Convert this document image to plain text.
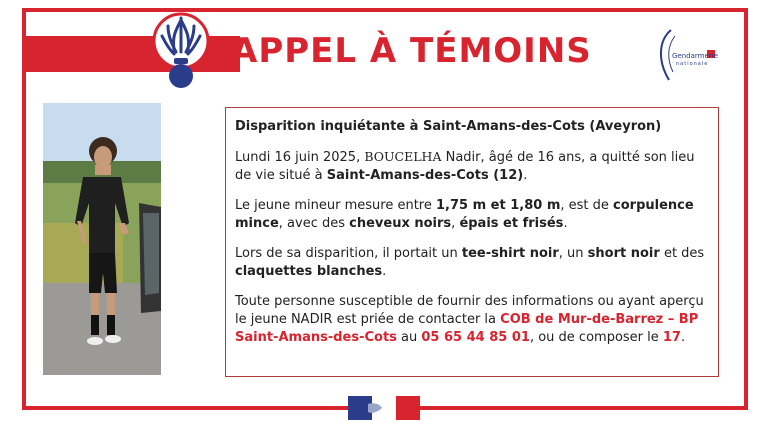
APPEL À TÉMOINS	Gendarmerie
nationale

Disparition inquiétante à Saint-Amans-des-Cots (Aveyron)

Lundi 16 juin 2025, BOUCELHA Nadir, âgé de 16 ans, a quitté son lieu de vie situé à Saint-Amans-des-Cots (12).

Le jeune mineur mesure entre 1,75 m et 1,80 m, est de corpulence mince, avec des cheveux noirs, épais et frisés.

Lors de sa disparition, il portait un tee-shirt noir, un short noir et des claquettes blanches.

Toute personne susceptible de fournir des informations ou ayant aperçu le jeune NADIR est priée de contacter la COB de Mur-de-Barrez – BP Saint-Amans-des-Cots au 05 65 44 85 01, ou de composer le 17.
